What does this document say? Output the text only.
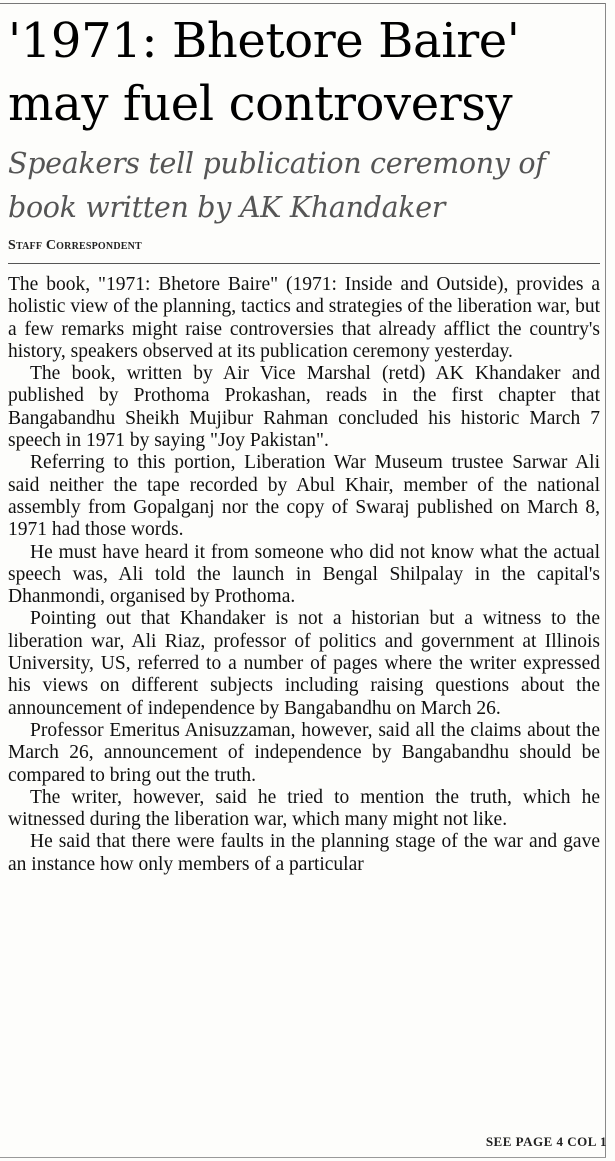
'1971: Bhetore Baire' may fuel controversy
Speakers tell publication ceremony of book written by AK Khandaker
Staff Correspondent

The book, "1971: Bhetore Baire" (1971: Inside and Outside), provides a holistic view of the planning, tactics and strategies of the liberation war, but a few remarks might raise controversies that already afflict the country's history, speakers observed at its publication ceremony yesterday.

The book, written by Air Vice Marshal (retd) AK Khandaker and published by Prothoma Prokashan, reads in the first chapter that Bangabandhu Sheikh Mujibur Rahman concluded his historic March 7 speech in 1971 by saying "Joy Pakistan".

Referring to this portion, Liberation War Museum trustee Sarwar Ali said neither the tape recorded by Abul Khair, member of the national assembly from Gopalganj nor the copy of Swaraj published on March 8, 1971 had those words.

He must have heard it from someone who did not know what the actual speech was, Ali told the launch in Bengal Shilpalay in the capital's Dhanmondi, organised by Prothoma.

Pointing out that Khandaker is not a historian but a witness to the liberation war, Ali Riaz, professor of politics and government at Illinois University, US, referred to a number of pages where the writer expressed his views on different subjects including raising questions about the announcement of independence by Bangabandhu on March 26.

Professor Emeritus Anisuzzaman, however, said all the claims about the March 26, announcement of independence by Bangabandhu should be compared to bring out the truth.

The writer, however, said he tried to mention the truth, which he witnessed during the liberation war, which many might not like.

He said that there were faults in the planning stage of the war and gave an instance how only members of a particular

SEE PAGE 4 COL 1
